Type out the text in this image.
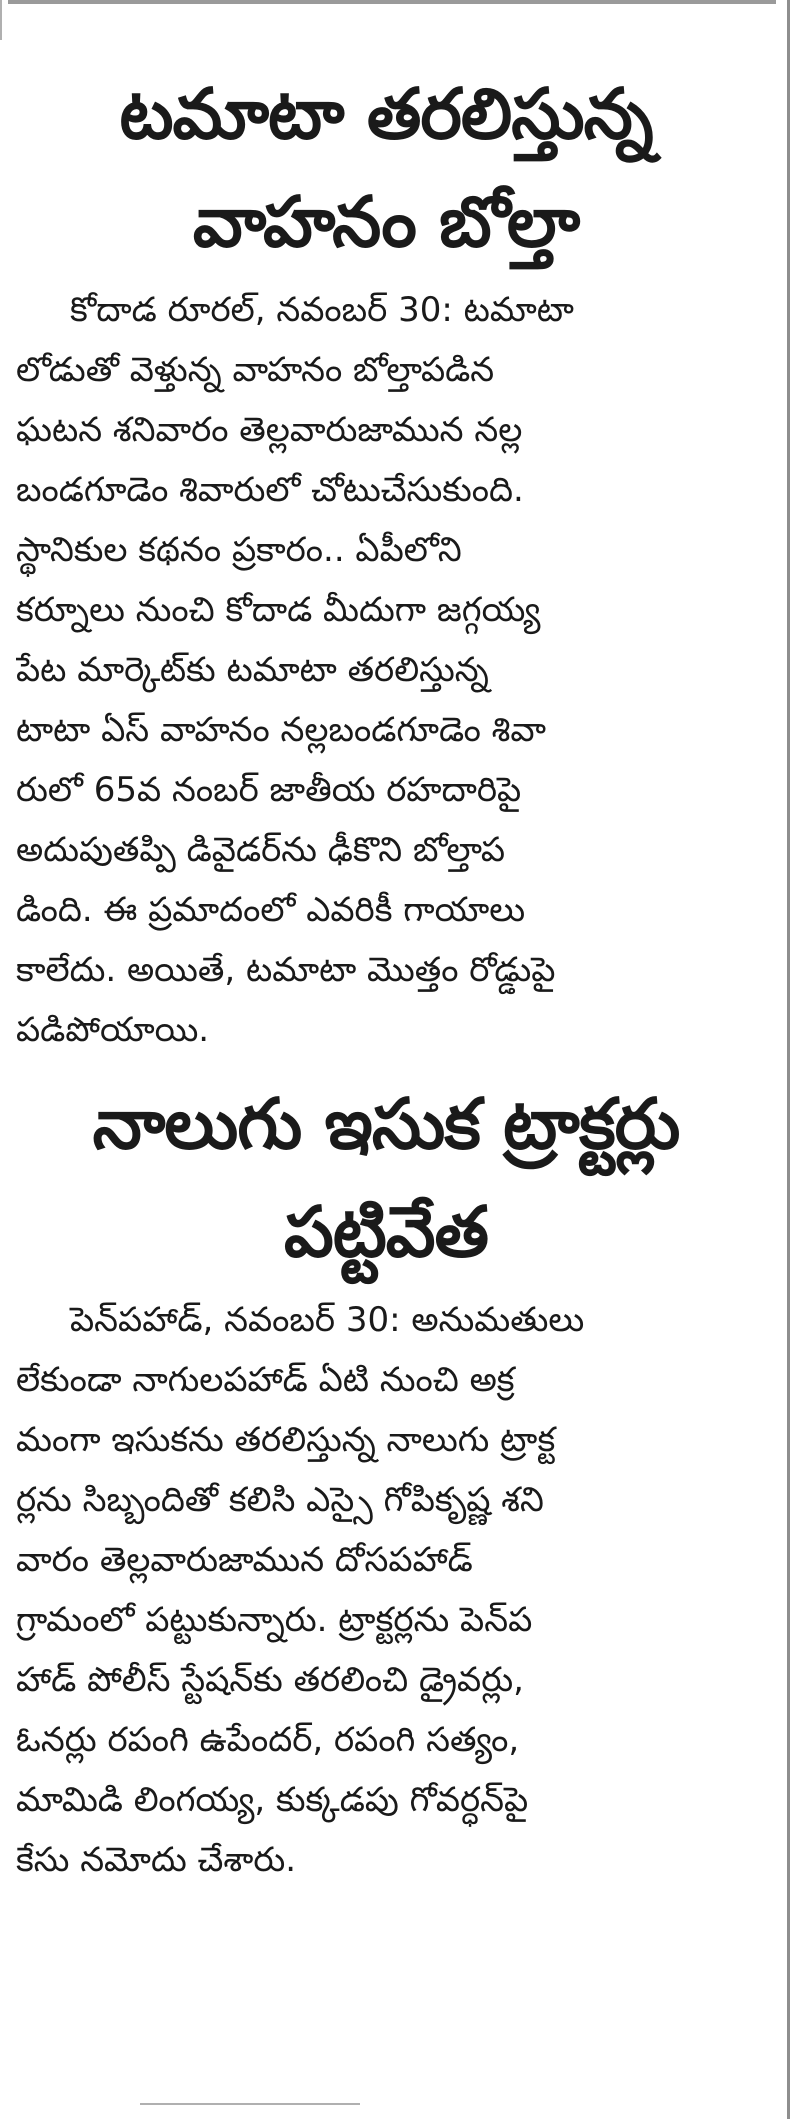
టమాటా తరలిస్తున్న
వాహనం బోల్తా
కోదాడ రూరల్, నవంబర్ 30: టమాటా
లోడుతో వెళ్తున్న వాహనం బోల్తాపడిన
ఘటన శనివారం తెల్లవారుజామున నల్ల
బండగూడెం శివారులో చోటుచేసుకుంది.
స్థానికుల కథనం ప్రకారం.. ఏపీలోని
కర్నూలు నుంచి కోదాడ మీదుగా జగ్గయ్య
పేట మార్కెట్‌కు టమాటా తరలిస్తున్న
టాటా ఏస్ వాహనం నల్లబండగూడెం శివా
రులో 65వ నంబర్ జాతీయ రహదారిపై
అదుపుతప్పి డివైడర్‌ను ఢీకొని బోల్తాప
డింది. ఈ ప్రమాదంలో ఎవరికీ గాయాలు
కాలేదు. అయితే, టమాటా మొత్తం రోడ్డుపై
పడిపోయాయి.
నాలుగు ఇసుక ట్రాక్టర్లు
పట్టివేత
పెన్‌పహాడ్, నవంబర్ 30: అనుమతులు
లేకుండా నాగులపహాడ్ ఏటి నుంచి అక్ర
మంగా ఇసుకను తరలిస్తున్న నాలుగు ట్రాక్ట
ర్లను సిబ్బందితో కలిసి ఎస్సై గోపికృష్ణ శని
వారం తెల్లవారుజామున దోసపహాడ్
గ్రామంలో పట్టుకున్నారు. ట్రాక్టర్లను పెన్‌ప
హాడ్ పోలీస్ స్టేషన్‌కు తరలించి డ్రైవర్లు,
ఓనర్లు రపంగి ఉపేందర్, రపంగి సత్యం,
మామిడి లింగయ్య, కుక్కడపు గోవర్ధన్‌పై
కేసు నమోదు చేశారు.
